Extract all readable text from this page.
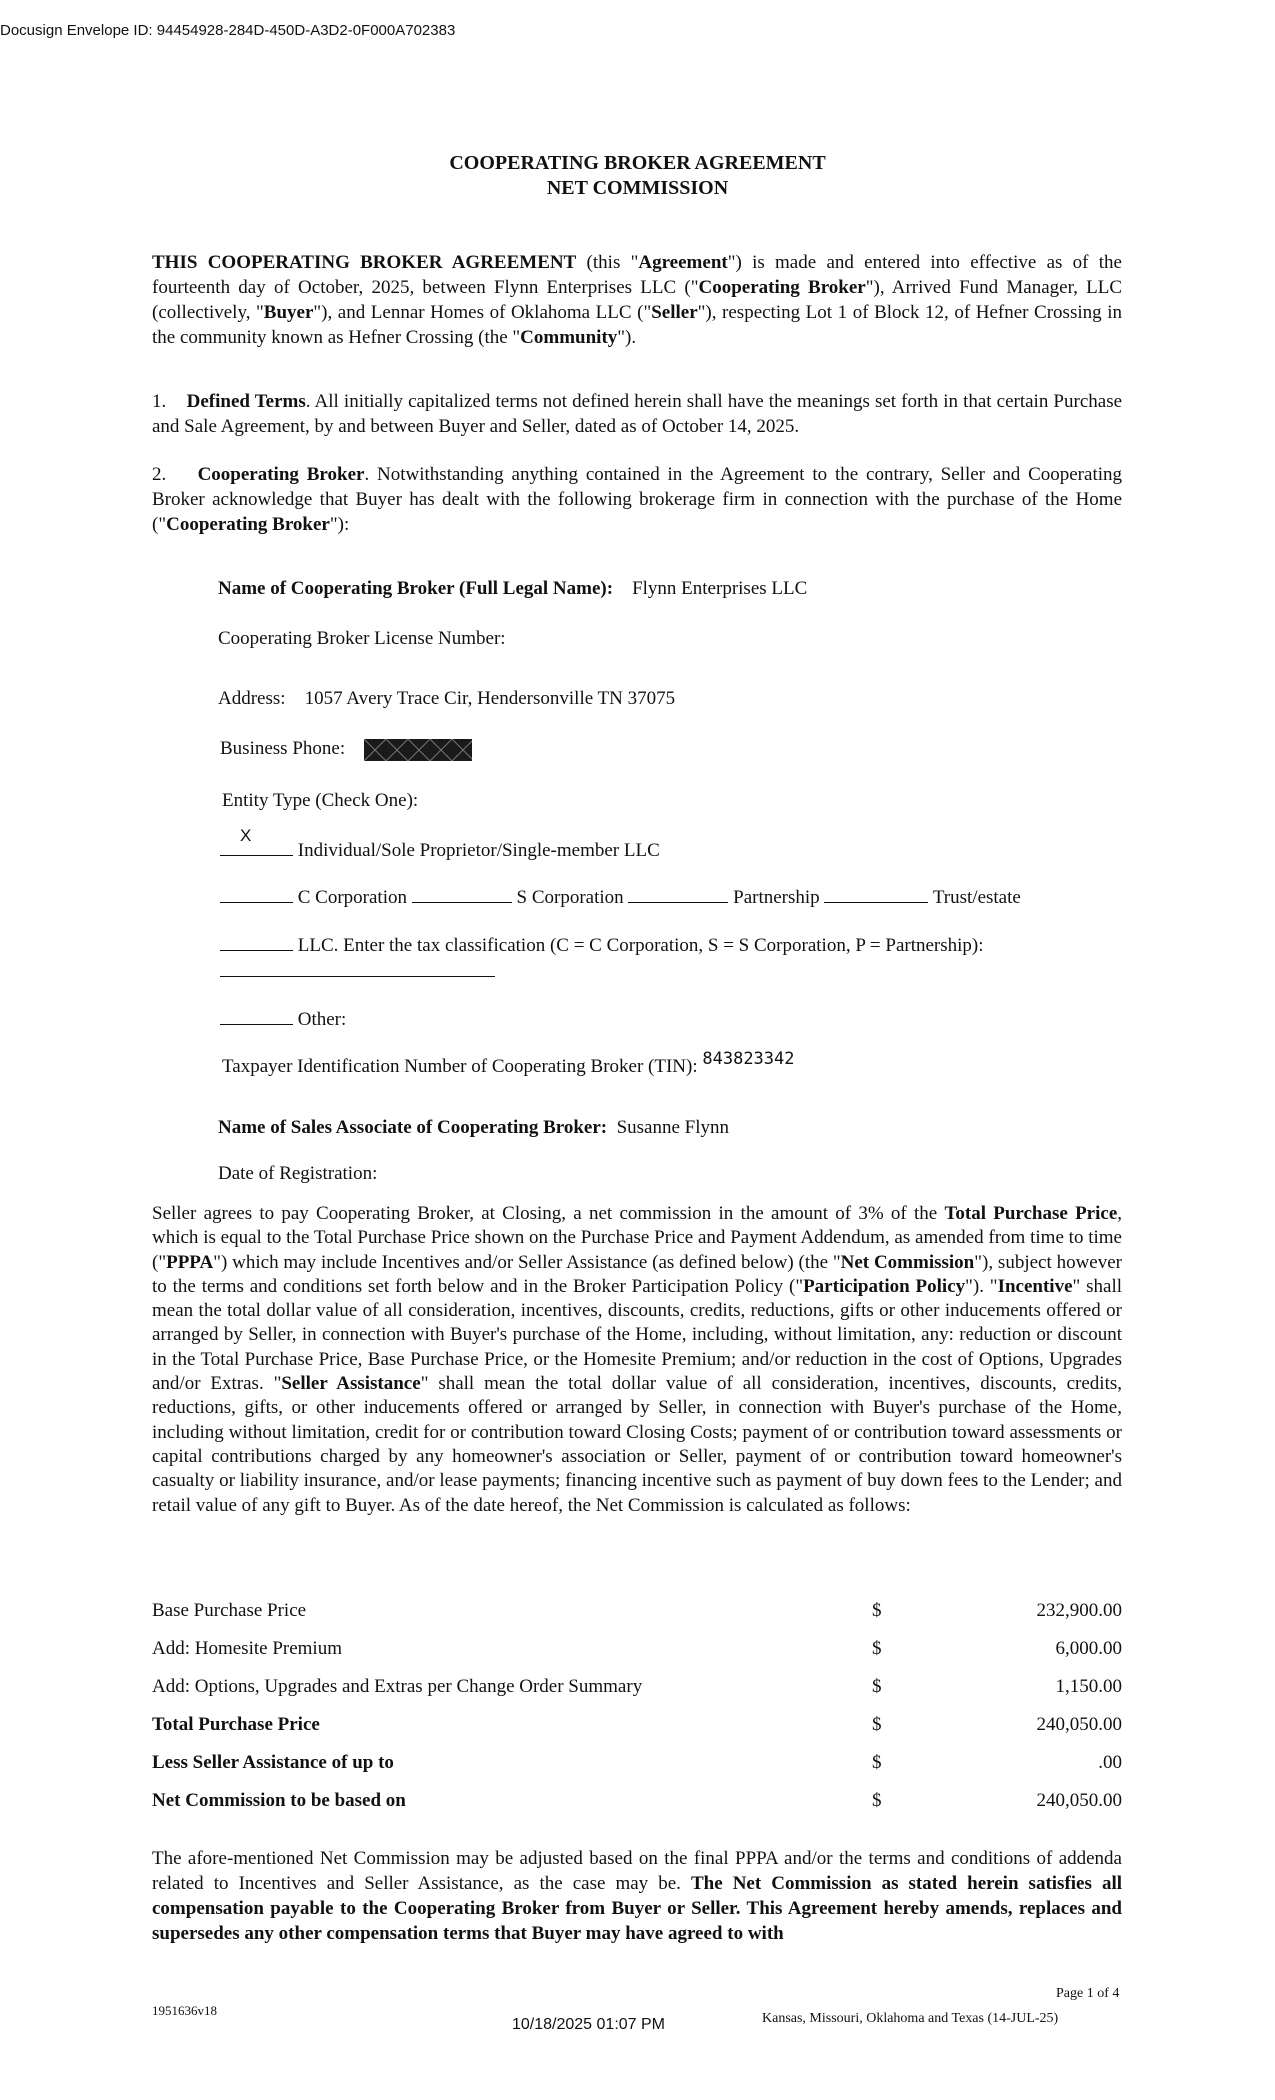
Docusign Envelope ID: 94454928-284D-450D-A3D2-0F000A702383
COOPERATING BROKER AGREEMENT
NET COMMISSION

THIS COOPERATING BROKER AGREEMENT (this "Agreement") is made and entered into effective as of the fourteenth day of October, 2025, between Flynn Enterprises LLC ("Cooperating Broker"), Arrived Fund Manager, LLC (collectively, "Buyer"), and Lennar Homes of Oklahoma LLC ("Seller"), respecting Lot 1 of Block 12, of Hefner Crossing in the community known as Hefner Crossing (the "Community").

1. Defined Terms. All initially capitalized terms not defined herein shall have the meanings set forth in that certain Purchase and Sale Agreement, by and between Buyer and Seller, dated as of October 14, 2025.

2. Cooperating Broker. Notwithstanding anything contained in the Agreement to the contrary, Seller and Cooperating Broker acknowledge that Buyer has dealt with the following brokerage firm in connection with the purchase of the Home ("Cooperating Broker"):

Name of Cooperating Broker (Full Legal Name): Flynn Enterprises LLC
Cooperating Broker License Number:
Address: 1057 Avery Trace Cir, Hendersonville TN 37075
Business Phone:
Entity Type (Check One):
X
Individual/Sole Proprietor/Single-member LLC
C Corporation	S Corporation	Partnership	Trust/estate
LLC. Enter the tax classification (C = C Corporation, S = S Corporation, P = Partnership):
Other:
Taxpayer Identification Number of Cooperating Broker (TIN): 843823342
Name of Sales Associate of Cooperating Broker: Susanne Flynn
Date of Registration:

Seller agrees to pay Cooperating Broker, at Closing, a net commission in the amount of 3% of the Total Purchase Price, which is equal to the Total Purchase Price shown on the Purchase Price and Payment Addendum, as amended from time to time ("PPPA") which may include Incentives and/or Seller Assistance (as defined below) (the "Net Commission"), subject however to the terms and conditions set forth below and in the Broker Participation Policy ("Participation Policy"). "Incentive" shall mean the total dollar value of all consideration, incentives, discounts, credits, reductions, gifts or other inducements offered or arranged by Seller, in connection with Buyer's purchase of the Home, including, without limitation, any: reduction or discount in the Total Purchase Price, Base Purchase Price, or the Homesite Premium; and/or reduction in the cost of Options, Upgrades and/or Extras. "Seller Assistance" shall mean the total dollar value of all consideration, incentives, discounts, credits, reductions, gifts, or other inducements offered or arranged by Seller, in connection with Buyer's purchase of the Home, including without limitation, credit for or contribution toward Closing Costs; payment of or contribution toward assessments or capital contributions charged by any homeowner's association or Seller, payment of or contribution toward homeowner's casualty or liability insurance, and/or lease payments; financing incentive such as payment of buy down fees to the Lender; and retail value of any gift to Buyer. As of the date hereof, the Net Commission is calculated as follows:

Base Purchase Price	$	232,900.00
Add: Homesite Premium	$	6,000.00
Add: Options, Upgrades and Extras per Change Order Summary	$	1,150.00
Total Purchase Price	$	240,050.00
Less Seller Assistance of up to	$	.00
Net Commission to be based on	$	240,050.00

The afore-mentioned Net Commission may be adjusted based on the final PPPA and/or the terms and conditions of addenda related to Incentives and Seller Assistance, as the case may be. The Net Commission as stated herein satisfies all compensation payable to the Cooperating Broker from Buyer or Seller. This Agreement hereby amends, replaces and supersedes any other compensation terms that Buyer may have agreed to with

Page 1 of 4
1951636v18
10/18/2025 01:07 PM	Kansas, Missouri, Oklahoma and Texas (14-JUL-25)
